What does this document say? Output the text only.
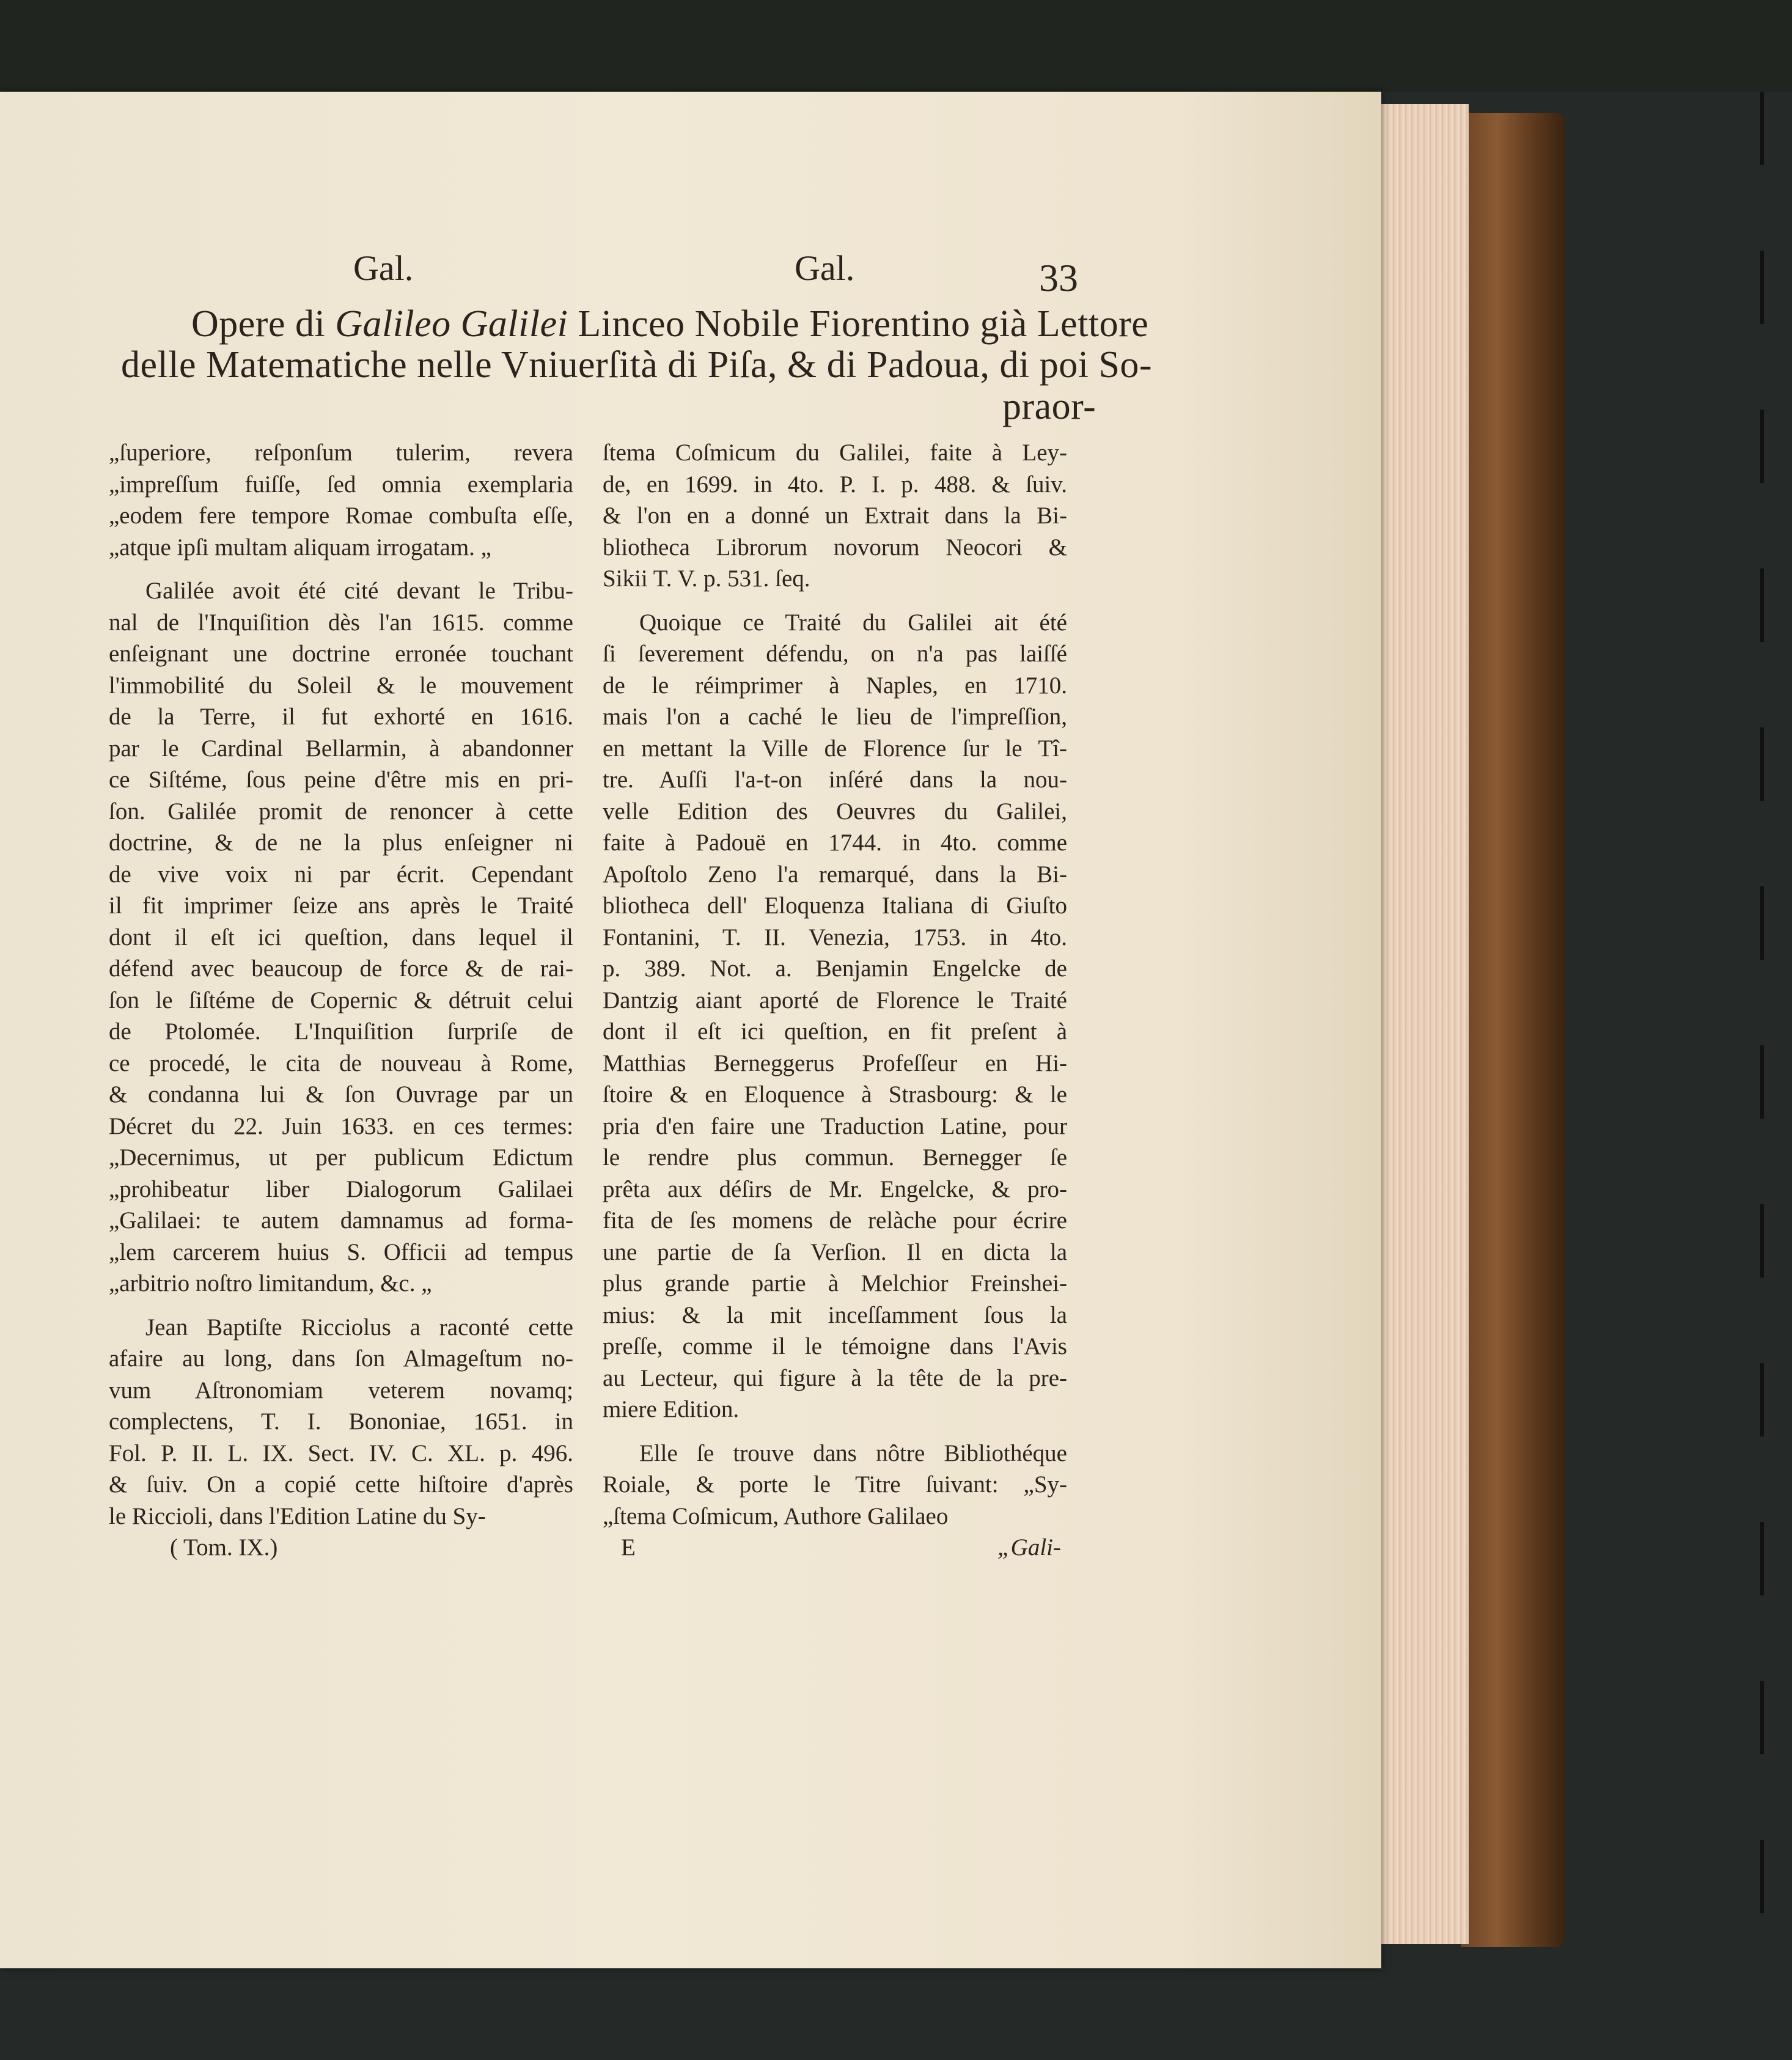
Gal.	Gal.	33
Opere di Galileo Galilei Linceo Nobile Fiorentino già Lettore
delle Matematiche nelle Vniuerſità di Piſa, & di Padoua, di poi So-
praor-
„ſuperiore, reſponſum tulerim, revera
„impreſſum fuiſſe, ſed omnia exemplaria
„eodem fere tempore Romae combuſta eſſe,
„atque ipſi multam aliquam irrogatam. „
Galilée avoit été cité devant le Tribu-
nal de l'Inquiſition dès l'an 1615. comme
enſeignant une doctrine erronée touchant
l'immobilité du Soleil & le mouvement
de la Terre, il fut exhorté en 1616.
par le Cardinal Bellarmin, à abandonner
ce Siſtéme, ſous peine d'être mis en pri-
ſon. Galilée promit de renoncer à cette
doctrine, & de ne la plus enſeigner ni
de vive voix ni par écrit. Cependant
il fit imprimer ſeize ans après le Traité
dont il eſt ici queſtion, dans lequel il
défend avec beaucoup de force & de rai-
ſon le ſiſtéme de Copernic & détruit celui
de Ptolomée. L'Inquiſition ſurpriſe de
ce procedé, le cita de nouveau à Rome,
& condanna lui & ſon Ouvrage par un
Décret du 22. Juin 1633. en ces termes:
„Decernimus, ut per publicum Edictum
„prohibeatur liber Dialogorum Galilaei
„Galilaei: te autem damnamus ad forma-
„lem carcerem huius S. Officii ad tempus
„arbitrio noſtro limitandum, &c. „
Jean Baptiſte Ricciolus a raconté cette
afaire au long, dans ſon Almageſtum no-
vum Aſtronomiam veterem novamq;
complectens, T. I. Bononiae, 1651. in
Fol. P. II. L. IX. Sect. IV. C. XL. p. 496.
& ſuiv. On a copié cette hiſtoire d'après
le Riccioli, dans l'Edition Latine du Sy-
( Tom. IX.)
ſtema Coſmicum du Galilei, faite à Ley-
de, en 1699. in 4to. P. I. p. 488. & ſuiv.
& l'on en a donné un Extrait dans la Bi-
bliotheca Librorum novorum Neocori &
Sikii T. V. p. 531. ſeq.
Quoique ce Traité du Galilei ait été
ſi ſeverement défendu, on n'a pas laiſſé
de le réimprimer à Naples, en 1710.
mais l'on a caché le lieu de l'impreſſion,
en mettant la Ville de Florence ſur le Tî-
tre. Auſſi l'a-t-on inſéré dans la nou-
velle Edition des Oeuvres du Galilei,
faite à Padouë en 1744. in 4to. comme
Apoſtolo Zeno l'a remarqué, dans la Bi-
bliotheca dell' Eloquenza Italiana di Giuſto
Fontanini, T. II. Venezia, 1753. in 4to.
p. 389. Not. a. Benjamin Engelcke de
Dantzig aiant aporté de Florence le Traité
dont il eſt ici queſtion, en fit preſent à
Matthias Berneggerus Profeſſeur en Hi-
ſtoire & en Eloquence à Strasbourg: & le
pria d'en faire une Traduction Latine, pour
le rendre plus commun. Bernegger ſe
prêta aux déſirs de Mr. Engelcke, & pro-
fita de ſes momens de relàche pour écrire
une partie de ſa Verſion. Il en dicta la
plus grande partie à Melchior Freinshei-
mius: & la mit inceſſamment ſous la
preſſe, comme il le témoigne dans l'Avis
au Lecteur, qui figure à la tête de la pre-
miere Edition.
Elle ſe trouve dans nôtre Bibliothéque
Roiale, & porte le Titre ſuivant: „Sy-
„ſtema Coſmicum, Authore Galilaeo
E	„Gali-
